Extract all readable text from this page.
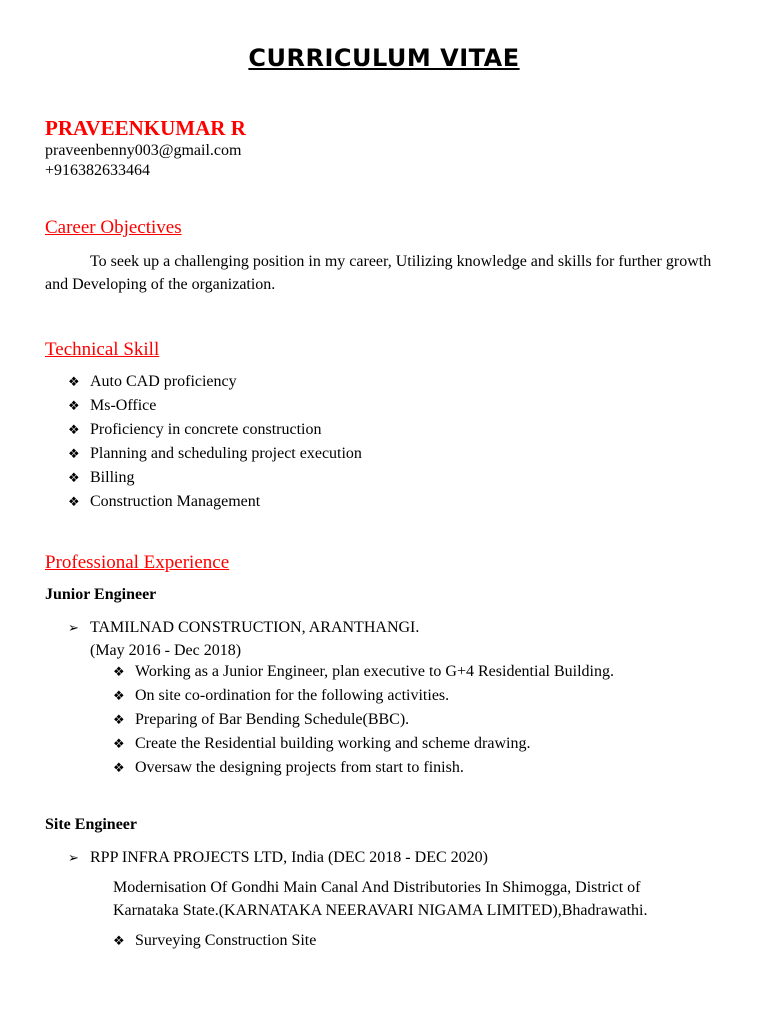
CURRICULUM VITAE
PRAVEENKUMAR R
praveenbenny003@gmail.com
+916382633464
Career Objectives
To seek up a challenging position in my career, Utilizing knowledge and skills for further growth and Developing of the organization.
Technical Skill
❖ Auto CAD proficiency
❖ Ms-Office
❖ Proficiency in concrete construction
❖ Planning and scheduling project execution
❖ Billing
❖ Construction Management
Professional Experience
Junior Engineer
➢ TAMILNAD CONSTRUCTION, ARANTHANGI.
(May 2016 - Dec 2018)
❖ Working as a Junior Engineer, plan executive to G+4 Residential Building.
❖ On site co-ordination for the following activities.
❖ Preparing of Bar Bending Schedule(BBC).
❖ Create the Residential building working and scheme drawing.
❖ Oversaw the designing projects from start to finish.
Site Engineer
➢ RPP INFRA PROJECTS LTD, India (DEC 2018 - DEC 2020)
Modernisation Of Gondhi Main Canal And Distributories In Shimogga, District of
Karnataka State.(KARNATAKA NEERAVARI NIGAMA LIMITED),Bhadrawathi.
❖ Surveying Construction Site
